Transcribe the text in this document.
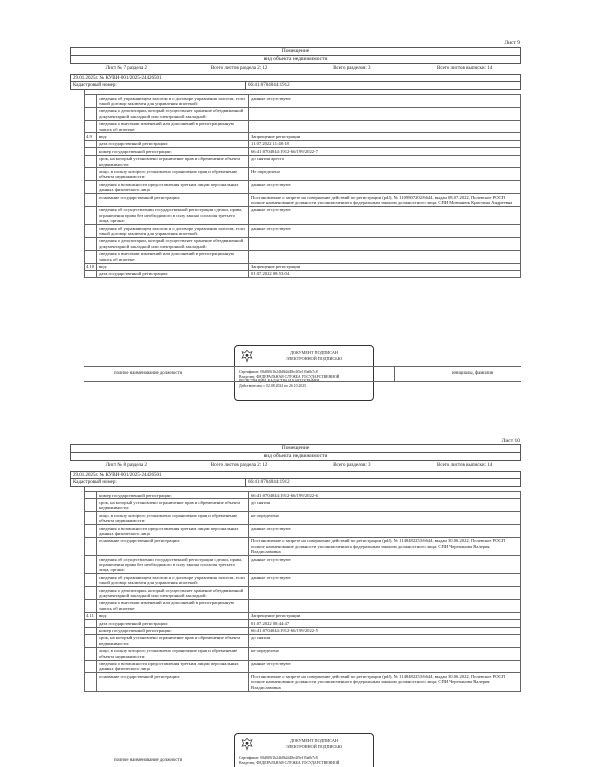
Лист 9
Помещение
вид объекта недвижимости
Лист № 7 раздела 2	Всего листов раздела 2: 12	Всего разделов: 3	Всего листов выписки: 14
29.01.2025г. № КУВИ-001/2025-24426501
Кадастровый номер:	66:41:0704044:1912
	сведения об управляющем залогом и о договоре управления залогом, если такой договор заключен для управления ипотекой:	данные отсутствуют
	сведения о депозитарии, который осуществляет хранение обездвиженной документарной закладной или электронной закладной:	
	сведения о внесении изменений или дополнений в регистрационную запись об ипотеке:	
4.9	вид:	Запрещение регистрации
	дата государственной регистрации:	11.07.2022 11:48:18
	номер государственной регистрации:	66:41:0704044:1912-66/199/2022-7
	срок, на который установлено ограничение прав и обременение объекта недвижимости:	до снятия ареста
	лицо, в пользу которого установлено ограничение прав и обременение объекта недвижимости:	Не определено
	сведения о возможности предоставления третьим лицам персональных данных физического лица	данные отсутствуют
	основание государственной регистрации:	Постановление о запрете на совершение действий по регистрации (pdf), № 1109807202/6644, выдан 08.07.2022, Полевское РОСП полное наименование должности уполномоченного федеральным законом должностного лица: СПИ Мовчанюк Кристина Андреевна
	сведения об осуществлении государственной регистрации сделки, права, ограничения права без необходимого в силу закона согласия третьего лица, органа:	данные отсутствуют
	сведения об управляющем залогом и о договоре управления залогом, если такой договор заключен для управления ипотекой:	данные отсутствуют
	сведения о депозитарии, который осуществляет хранение обездвиженной документарной закладной или электронной закладной:	
	сведения о внесении изменений или дополнений в регистрационную запись об ипотеке:	
4.10	вид:	Запрещение регистрации
	дата государственной регистрации:	01.07.2022 08:53:04
ДОКУМЕНТ ПОДПИСАН
ЭЛЕКТРОННОЙ ПОДПИСЬЮ
Сертификат: 00d8f0f1b24b8b2d48e4f5e1f5a6b7c8
Владелец: ФЕДЕРАЛЬНАЯ СЛУЖБА ГОСУДАРСТВЕННОЙ
РЕГИСТРАЦИИ, КАДАСТРА И КАРТОГРАФИИ
Действителен: с 02.08.2024 по 26.10.2025
полное наименование должности	инициалы, фамилия
Лист 10
Помещение
вид объекта недвижимости
Лист № 8 раздела 2	Всего листов раздела 2: 12	Всего разделов: 3	Всего листов выписки: 14
29.01.2025г. № КУВИ-001/2025-24426501
Кадастровый номер:	66:41:0704044:1912
	номер государственной регистрации:	66:41:0704044:1912-66/199/2022-6
	срок, на который установлено ограничение прав и обременение объекта недвижимости:	до снятия
	лицо, в пользу которого установлено ограничение прав и обременение объекта недвижимости:	не определено
	сведения о возможности предоставления третьим лицам персональных данных физического лица	данные отсутствуют
	основание государственной регистрации:	Постановление о запрете на совершение действий по регистрации (pdf), № 1148482253/6644, выдан 30.06.2022, Полевское РОСП полное наименование должности уполномоченного федеральным законом должностного лица: СПИ Черепанова Валерия Владиславовна
	сведения об осуществлении государственной регистрации сделки, права, ограничения права без необходимого в силу закона согласия третьего лица, органа:	данные отсутствуют
	сведения об управляющем залогом и о договоре управления залогом, если такой договор заключен для управления ипотекой:	данные отсутствуют
	сведения о депозитарии, который осуществляет хранение обездвиженной документарной закладной или электронной закладной:	
	сведения о внесении изменений или дополнений в регистрационную запись об ипотеке:	
4.11	вид:	Запрещение регистрации
	дата государственной регистрации:	01.07.2022 08:44:47
	номер государственной регистрации:	66:41:0704044:1912-66/199/2022-5
	срок, на который установлено ограничение прав и обременение объекта недвижимости:	до снятия
	лицо, в пользу которого установлено ограничение прав и обременение объекта недвижимости:	не определено
	сведения о возможности предоставления третьим лицам персональных данных физического лица	данные отсутствуют
	основание государственной регистрации:	Постановление о запрете на совершение действий по регистрации (pdf), № 1148482253/6644, выдан 30.06.2022, Полевское РОСП полное наименование должности уполномоченного федеральным законом должностного лица: СПИ Черепанова Валерия Владиславовна
ДОКУМЕНТ ПОДПИСАН
ЭЛЕКТРОННОЙ ПОДПИСЬЮ
Сертификат: 00d8f0f1b24b8b2d48e4f5e1f5a6b7c8
Владелец: ФЕДЕРАЛЬНАЯ СЛУЖБА ГОСУДАРСТВЕННОЙ
полное наименование должности
